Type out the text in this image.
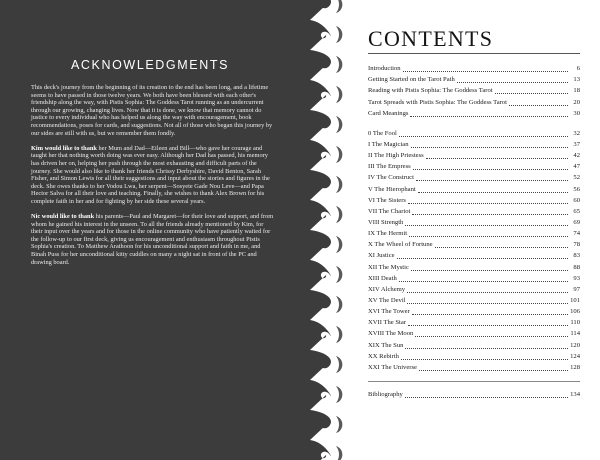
ACKNOWLEDGMENTS

This deck's journey from the beginning of its creation to the end has been long, and a lifetime seems to have passed in those twelve years. We both have been blessed with each other's friendship along the way, with Pistis Sophia: The Goddess Tarot running as an undercurrent through our growing, changing lives. Now that it is done, we know that memory cannot do justice to every individual who has helped us along the way with encouragement, book recommendations, poses for cards, and suggestions. Not all of those who began this journey by our sides are still with us, but we remember them fondly.

Kim would like to thank her Mum and Dad—Eileen and Bill—who gave her courage and taught her that nothing worth doing was ever easy. Although her Dad has passed, his memory has driven her on, helping her push through the most exhausting and difficult parts of the journey. She would also like to thank her friends Chrissy Derbyshire, David Benton, Sarah Fisher, and Simon Lewis for all their suggestions and input about the stories and figures in the deck. She owes thanks to her Vodou Lwa, her serpent—Sosyete Gade Nou Leve—and Papa Hector Salva for all their love and teaching. Finally, she wishes to thank Alex Brown for his complete faith in her and for fighting by her side these several years.

Nic would like to thank his parents—Paul and Margaret—for their love and support, and from whom he gained his interest in the unseen. To all the friends already mentioned by Kim, for their input over the years and for those in the online community who have patiently waited for the follow-up to our first deck, giving us encouragement and enthusiasm throughout Pistis Sophia's creation. To Matthew Arathoon for his unconditional support and faith in me, and Binah Puss for her unconditional kitty cuddles on many a night sat in front of the PC and drawing board.

CONTENTS
Introduction	6
Getting Started on the Tarot Path	13
Reading with Pistis Sophia: The Goddess Tarot	18
Tarot Spreads with Pistis Sophia: The Goddess Tarot	20
Card Meanings	30
0 The Fool	32
I The Magician	37
II The High Priestess	42
III The Empress	47
IV The Construct	52
V The Hierophant	56
VI The Sisters	60
VII The Chariot	65
VIII Strength	69
IX The Hermit	74
X The Wheel of Fortune	78
XI Justice	83
XII The Mystic	88
XIII Death	93
XIV Alchemy	97
XV The Devil	101
XVI The Tower	106
XVII The Star	110
XVIII The Moon	114
XIX The Sun	120
XX Rebirth	124
XXI The Universe	128
Bibliography	134
